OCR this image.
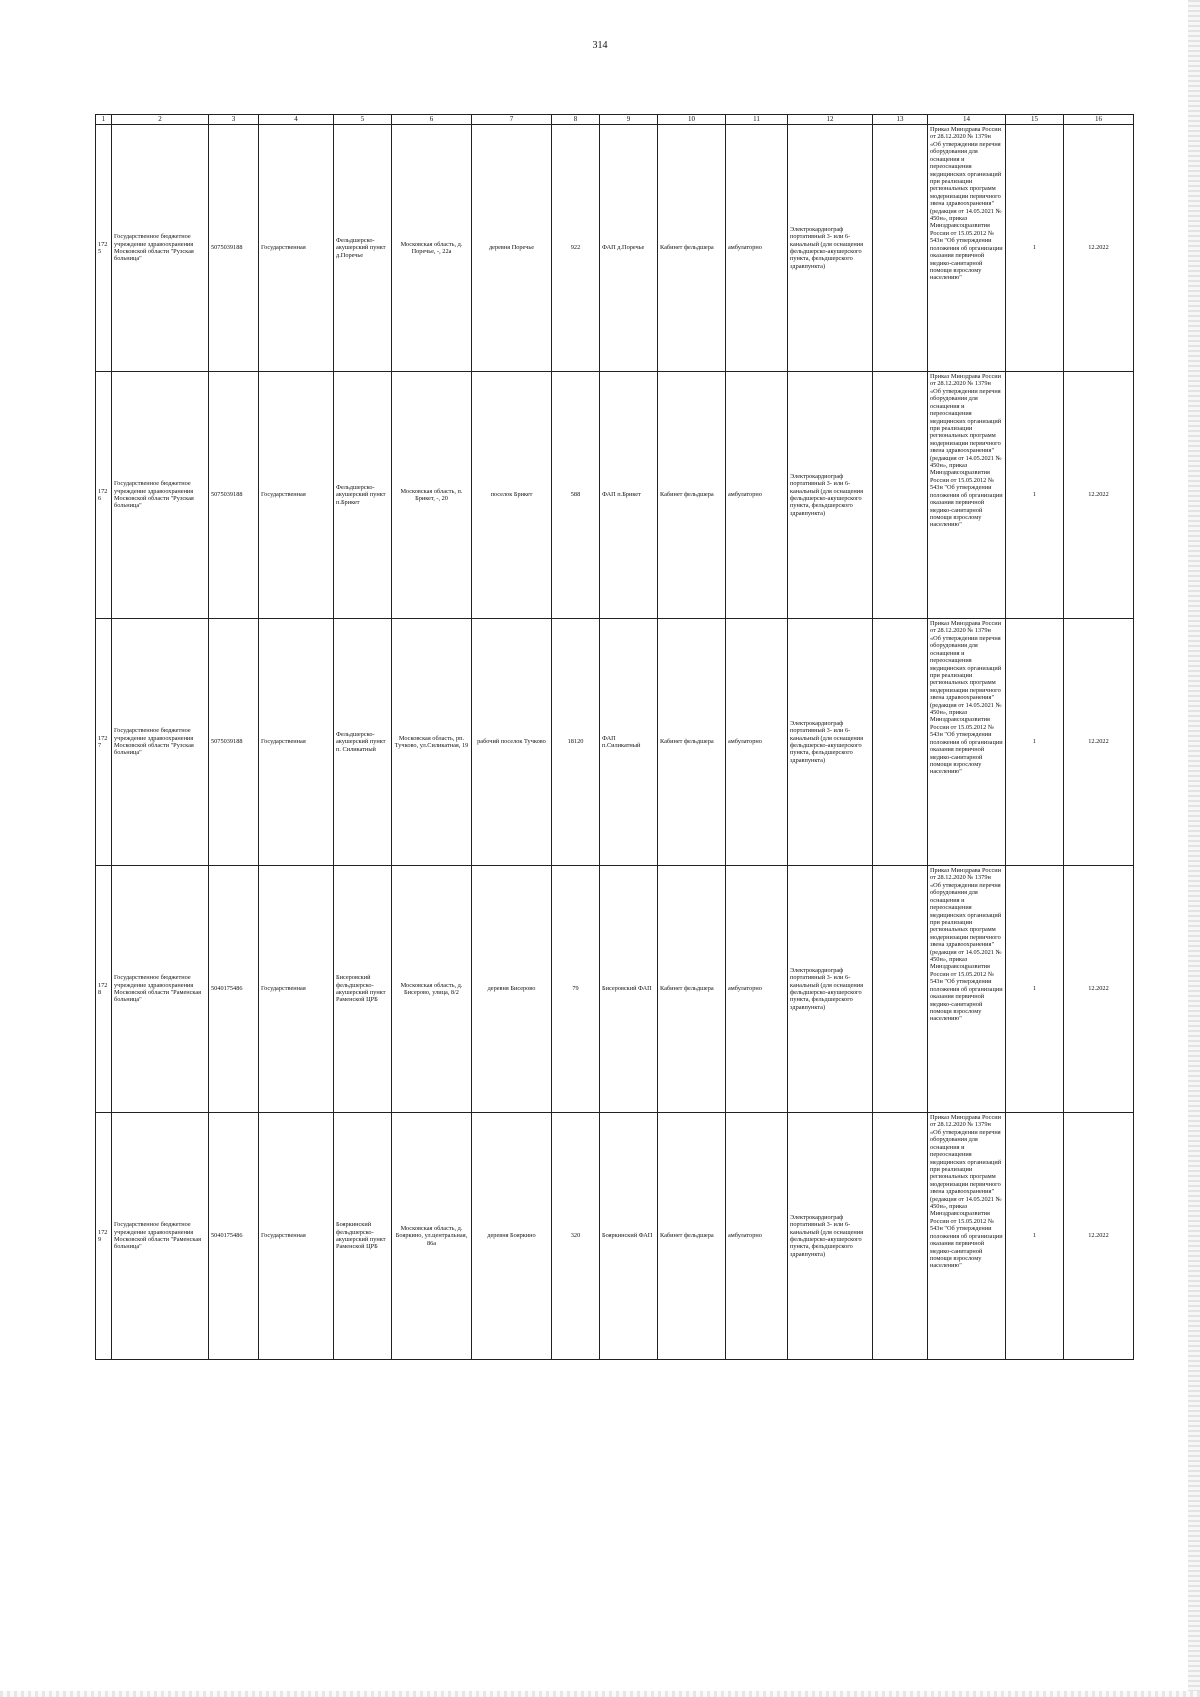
314
1	2	3	4	5	6	7	8	9	10	11	12	13	14	15	16
1725	Государственное бюджетное учреждение здравоохранения Московской области "Рузская больница"	5075039188	Государственная	Фельдшерско-акушерский пункт д.Поречье	Московская область, д. Поречье, -, 22а	деревня Поречье	922	ФАП д.Поречье	Кабинет фельдшера	амбулаторно	Электрокардиограф портативный 3- или 6-канальный (для оснащения фельдшерско-акушерского пункта, фельдшерского здравпункта)		Приказ Минздрава России от 28.12.2020 № 1379н «Об утверждении перечня оборудования для оснащения и переоснащения медицинских организаций при реализации региональных программ модернизации первичного звена здравоохранения"(редакция от 14.05.2021 № 450н», приказ Минздравсоцразвития России от 15.05.2012 № 543н "Об утверждении положения об организации оказания первичной медико-санитарной помощи взрослому населению"	1	12.2022
1726	Государственное бюджетное учреждение здравоохранения Московской области "Рузская больница"	5075039188	Государственная	Фельдшерско-акушерский пункт п.Брикет	Московская область, п. Брикет, -, 20	поселок Брикет	588	ФАП п.Брикет	Кабинет фельдшера	амбулаторно	Электрокардиограф портативный 3- или 6-канальный (для оснащения фельдшерско-акушерского пункта, фельдшерского здравпункта)		Приказ Минздрава России от 28.12.2020 № 1379н «Об утверждении перечня оборудования для оснащения и переоснащения медицинских организаций при реализации региональных программ модернизации первичного звена здравоохранения"(редакция от 14.05.2021 № 450н», приказ Минздравсоцразвития России от 15.05.2012 № 543н "Об утверждении положения об организации оказания первичной медико-санитарной помощи взрослому населению"	1	12.2022
1727	Государственное бюджетное учреждение здравоохранения Московской области "Рузская больница"	5075039188	Государственная	Фельдшерско-акушерский пункт п. Силикатный	Московская область, рп. Тучково, ул.Силикатная, 19	рабочий поселок Тучково	18120	ФАП п.Силикатный	Кабинет фельдшера	амбулаторно	Электрокардиограф портативный 3- или 6-канальный (для оснащения фельдшерско-акушерского пункта, фельдшерского здравпункта)		Приказ Минздрава России от 28.12.2020 № 1379н «Об утверждении перечня оборудования для оснащения и переоснащения медицинских организаций при реализации региональных программ модернизации первичного звена здравоохранения"(редакция от 14.05.2021 № 450н», приказ Минздравсоцразвития России от 15.05.2012 № 543н "Об утверждении положения об организации оказания первичной медико-санитарной помощи взрослому населению"	1	12.2022
1728	Государственное бюджетное учреждение здравоохранения Московской области "Раменская больница"	5040175486	Государственная	Бисеровский фельдшерско-акушерский пункт Раменской ЦРБ	Московская область, д. Бисерово, улица, 8/2	деревня Бисерово	79	Бисеровский ФАП	Кабинет фельдшера	амбулаторно	Электрокардиограф портативный 3- или 6-канальный (для оснащения фельдшерско-акушерского пункта, фельдшерского здравпункта)		Приказ Минздрава России от 28.12.2020 № 1379н «Об утверждении перечня оборудования для оснащения и переоснащения медицинских организаций при реализации региональных программ модернизации первичного звена здравоохранения"(редакция от 14.05.2021 № 450н», приказ Минздравсоцразвития России от 15.05.2012 № 543н "Об утверждении положения об организации оказания первичной медико-санитарной помощи взрослому населению"	1	12.2022
1729	Государственное бюджетное учреждение здравоохранения Московской области "Раменская больница"	5040175486	Государственная	Бояркинский фельдшерско-акушерский пункт Раменской ЦРБ	Московская область, д. Бояркино, ул.центральная, 86а	деревня Бояркино	320	Бояркинский ФАП	Кабинет фельдшера	амбулаторно	Электрокардиограф портативный 3- или 6-канальный (для оснащения фельдшерско-акушерского пункта, фельдшерского здравпункта)		Приказ Минздрава России от 28.12.2020 № 1379н «Об утверждении перечня оборудования для оснащения и переоснащения медицинских организаций при реализации региональных программ модернизации первичного звена здравоохранения"(редакция от 14.05.2021 № 450н», приказ Минздравсоцразвития России от 15.05.2012 № 543н "Об утверждении положения об организации оказания первичной медико-санитарной помощи взрослому населению"	1	12.2022
